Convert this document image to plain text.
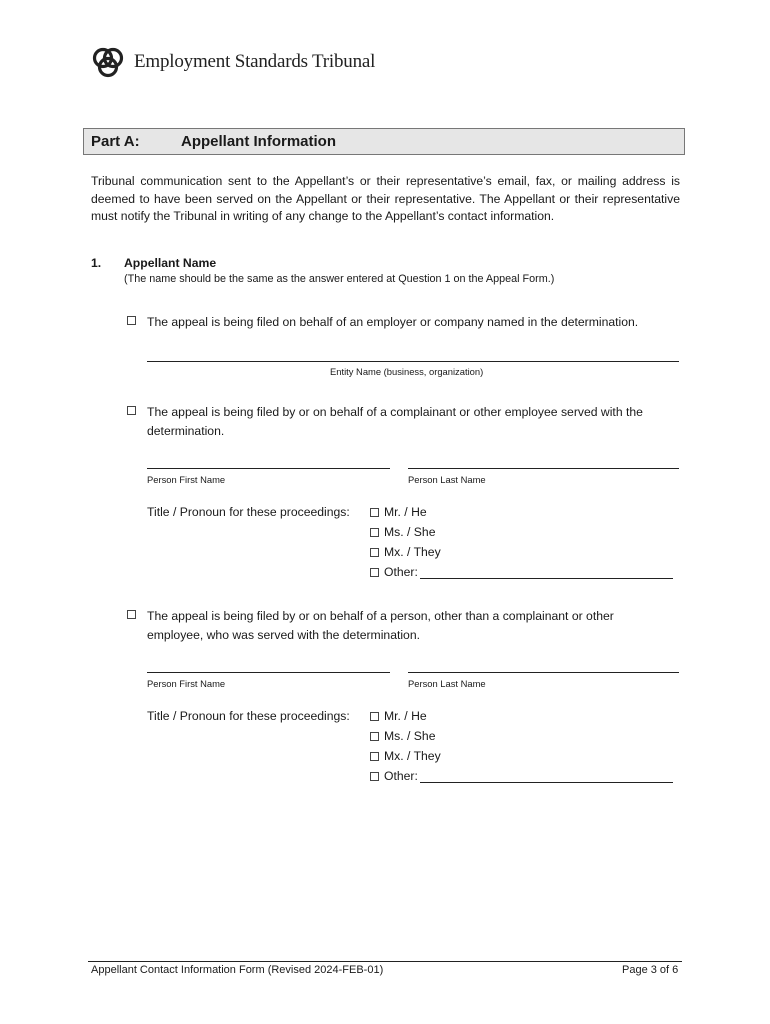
Employment Standards Tribunal
Part A:	Appellant Information

Tribunal communication sent to the Appellant’s or their representative’s email, fax, or mailing address is deemed to have been served on the Appellant or their representative. The Appellant or their representative must notify the Tribunal in writing of any change to the Appellant’s contact information.

1. Appellant Name
(The name should be the same as the answer entered at Question 1 on the Appeal Form.)
The appeal is being filed on behalf of an employer or company named in the determination.
Entity Name (business, organization)
The appeal is being filed by or on behalf of a complainant or other employee served with the
determination.
Person First Name	Person Last Name
Title / Pronoun for these proceedings:	Mr. / He
Ms. / She
Mx. / They
Other:
The appeal is being filed by or on behalf of a person, other than a complainant or other
employee, who was served with the determination.
Person First Name	Person Last Name
Title / Pronoun for these proceedings:	Mr. / He
Ms. / She
Mx. / They
Other:
Appellant Contact Information Form (Revised 2024-FEB-01)	Page 3 of 6
